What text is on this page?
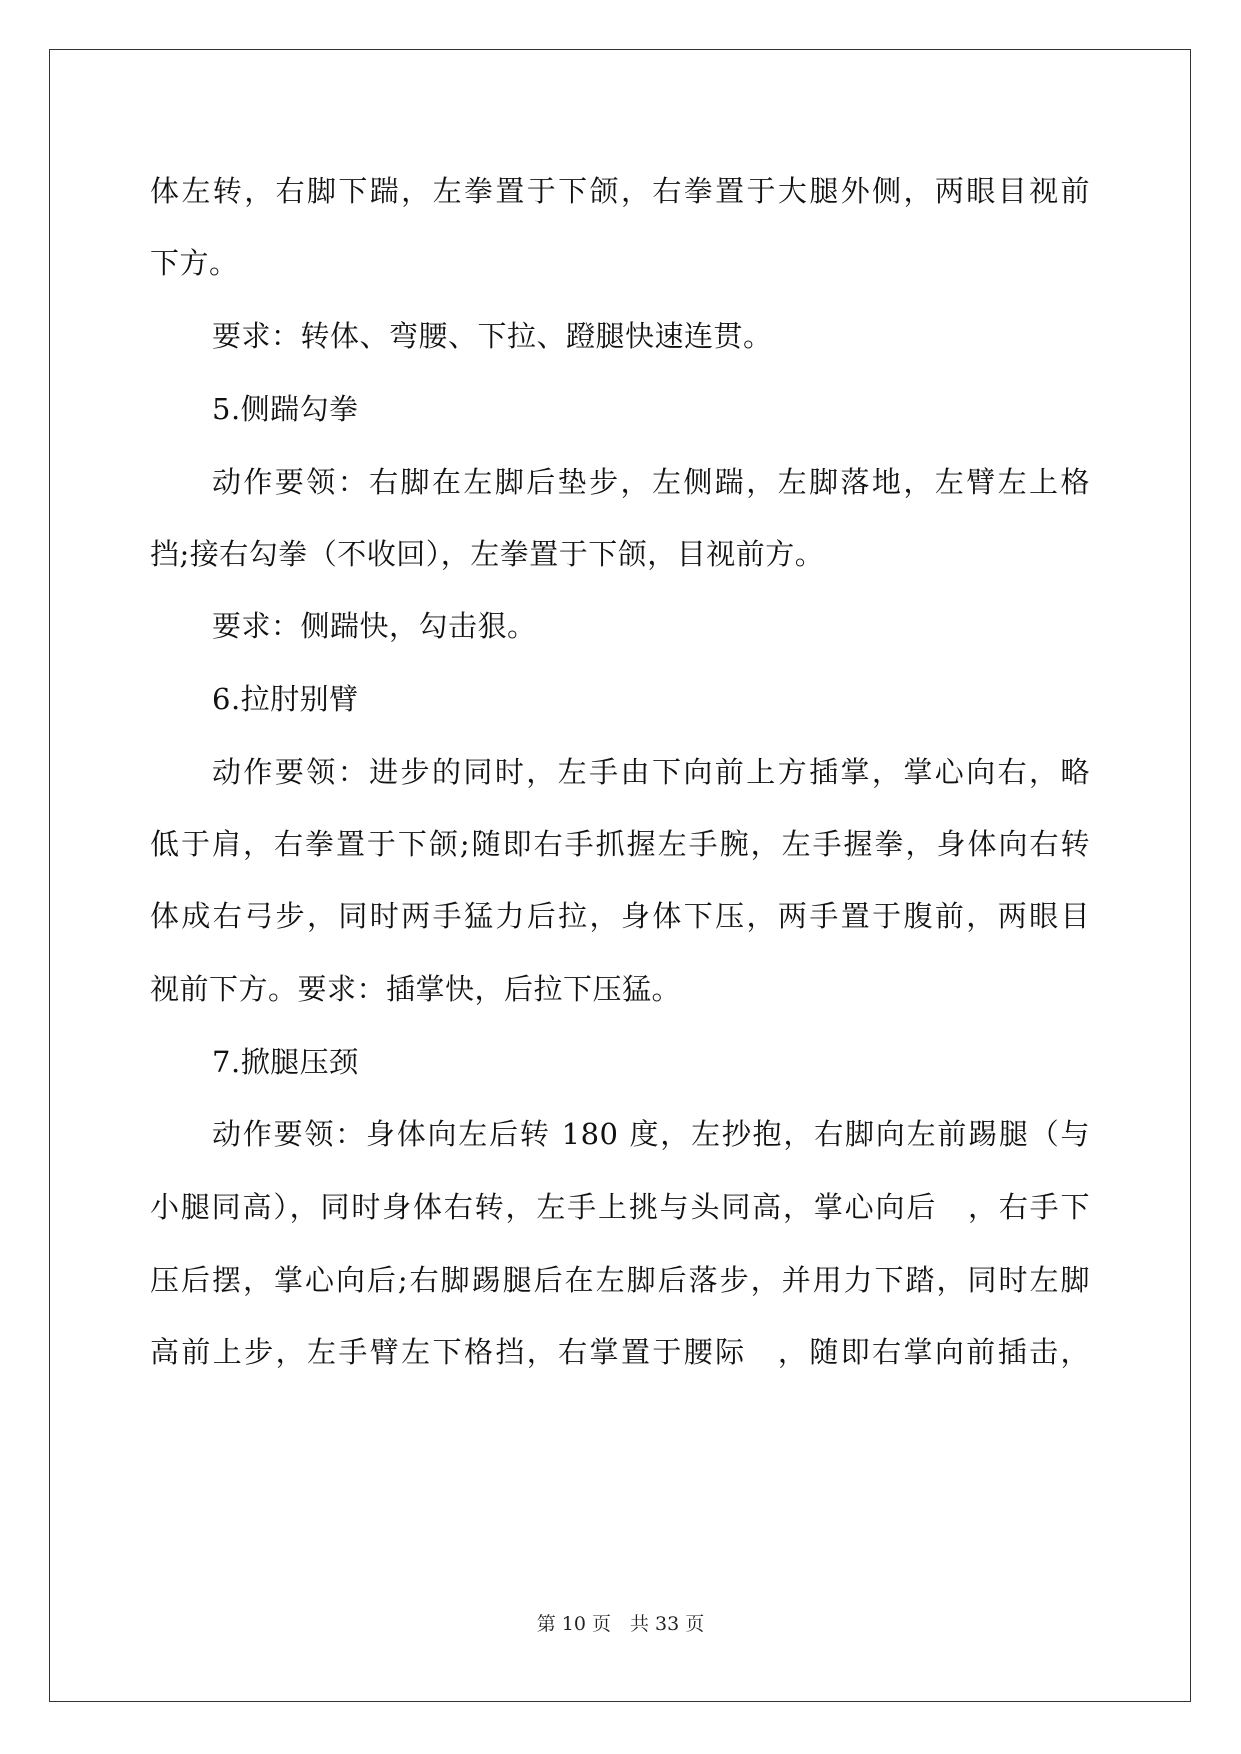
体左转，右脚下踹，左拳置于下颌，右拳置于大腿外侧，两眼目视前
下方。
要求：转体、弯腰、下拉、蹬腿快速连贯。
5.侧踹勾拳
动作要领：右脚在左脚后垫步，左侧踹，左脚落地，左臂左上格
挡;接右勾拳（不收回），左拳置于下颌，目视前方。
要求：侧踹快，勾击狠。
6.拉肘别臂
动作要领：进步的同时，左手由下向前上方插掌，掌心向右，略
低于肩，右拳置于下颌;随即右手抓握左手腕，左手握拳，身体向右转
体成右弓步，同时两手猛力后拉，身体下压，两手置于腹前，两眼目
视前下方。要求：插掌快，后拉下压猛。
7.掀腿压颈
动作要领：身体向左后转 180 度，左抄抱，右脚向左前踢腿（与
小腿同高），同时身体右转，左手上挑与头同高，掌心向后　，右手下
压后摆，掌心向后;右脚踢腿后在左脚后落步，并用力下踏，同时左脚
高前上步，左手臂左下格挡，右掌置于腰际　，随即右掌向前插击，
第 10 页　共 33 页
